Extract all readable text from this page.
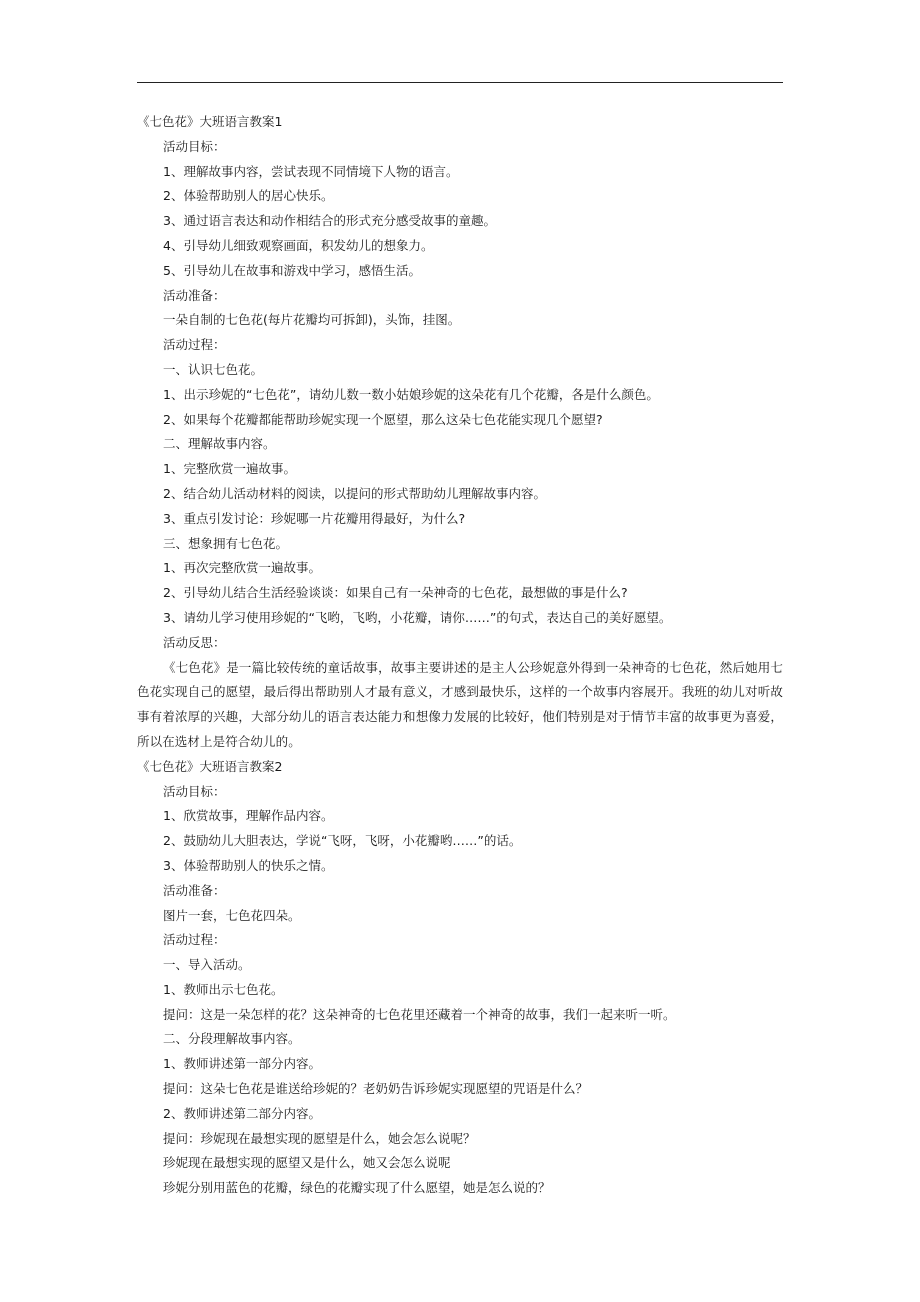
《七色花》大班语言教案1

活动目标：

1、理解故事内容，尝试表现不同情境下人物的语言。

2、体验帮助别人的居心快乐。

3、通过语言表达和动作相结合的形式充分感受故事的童趣。

4、引导幼儿细致观察画面，积发幼儿的想象力。

5、引导幼儿在故事和游戏中学习，感悟生活。

活动准备：

一朵自制的七色花(每片花瓣均可拆卸)，头饰，挂图。

活动过程：

一、认识七色花。

1、出示珍妮的“七色花”，请幼儿数一数小姑娘珍妮的这朵花有几个花瓣，各是什么颜色。

2、如果每个花瓣都能帮助珍妮实现一个愿望，那么这朵七色花能实现几个愿望?

二、理解故事内容。

1、完整欣赏一遍故事。

2、结合幼儿活动材料的阅读，以提问的形式帮助幼儿理解故事内容。

3、重点引发讨论：珍妮哪一片花瓣用得最好，为什么?

三、想象拥有七色花。

1、再次完整欣赏一遍故事。

2、引导幼儿结合生活经验谈谈：如果自己有一朵神奇的七色花，最想做的事是什么?

3、请幼儿学习使用珍妮的“飞哟，飞哟，小花瓣，请你……”的句式，表达自己的美好愿望。

活动反思：

《七色花》是一篇比较传统的童话故事，故事主要讲述的是主人公珍妮意外得到一朵神奇的七色花，然后她用七色花实现自己的愿望，最后得出帮助别人才最有意义，才感到最快乐，这样的一个故事内容展开。我班的幼儿对听故事有着浓厚的兴趣，大部分幼儿的语言表达能力和想像力发展的比较好，他们特别是对于情节丰富的故事更为喜爱，所以在选材上是符合幼儿的。

《七色花》大班语言教案2

活动目标：

1、欣赏故事，理解作品内容。

2、鼓励幼儿大胆表达，学说“飞呀，飞呀，小花瓣哟……”的话。

3、体验帮助别人的快乐之情。

活动准备：

图片一套，七色花四朵。

活动过程：

一、导入活动。

1、教师出示七色花。

提问：这是一朵怎样的花？这朵神奇的七色花里还藏着一个神奇的故事，我们一起来听一听。

二、分段理解故事内容。

1、教师讲述第一部分内容。

提问：这朵七色花是谁送给珍妮的？老奶奶告诉珍妮实现愿望的咒语是什么？

2、教师讲述第二部分内容。

提问：珍妮现在最想实现的愿望是什么，她会怎么说呢？

珍妮现在最想实现的愿望又是什么，她又会怎么说呢

珍妮分别用蓝色的花瓣，绿色的花瓣实现了什么愿望，她是怎么说的？
